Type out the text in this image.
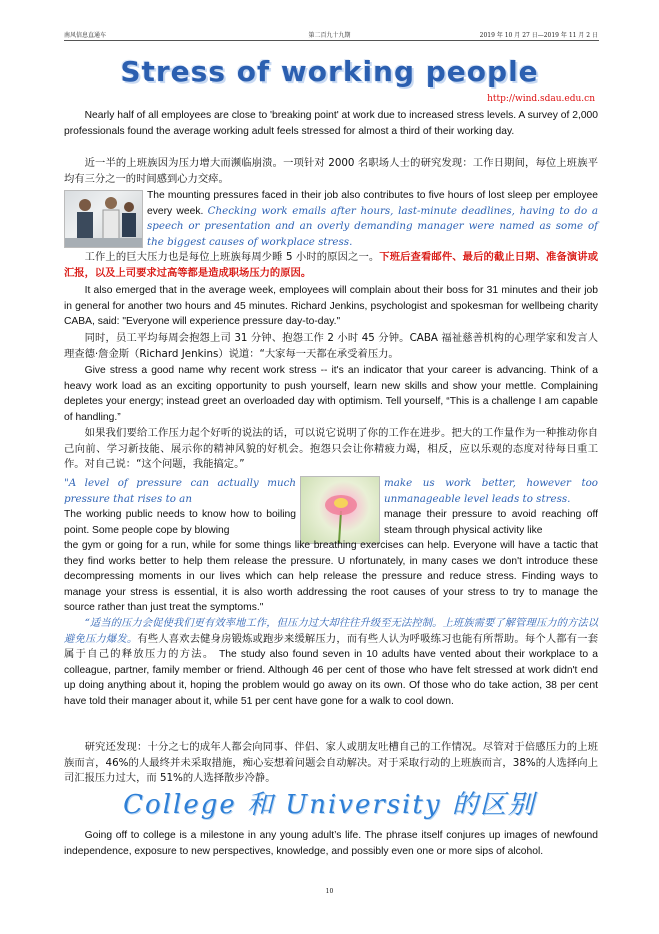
南风信息直通车	第二百九十九期	2019 年 10 月 27 日—2019 年 11 月 2 日
Stress of working people
http://wind.sdau.edu.cn
Nearly half of all employees are close to 'breaking point' at work due to increased stress levels. A survey of 2,000 professionals found the average working adult feels stressed for almost a third of their working day.
近一半的上班族因为压力增大而濒临崩溃。一项针对 2000 名职场人士的研究发现：工作日期间，每位上班族平均有三分之一的时间感到心力交瘁。
The mounting pressures faced in their job also contributes to five hours of lost sleep per employee every week. Checking work emails after hours, last-minute deadlines, having to do a speech or presentation and an overly demanding manager were named as some of the biggest causes of workplace stress.
工作上的巨大压力也是每位上班族每周少睡 5 小时的原因之一。下班后查看邮件、最后的截止日期、准备演讲或汇报，以及上司要求过高等都是造成职场压力的原因。
It also emerged that in the average week, employees will complain about their boss for 31 minutes and their job in general for another two hours and 45 minutes. Richard Jenkins, psychologist and spokesman for wellbeing charity CABA, said: "Everyone will experience pressure day-to-day."
同时，员工平均每周会抱怨上司 31 分钟、抱怨工作 2 小时 45 分钟。CABA 福祉慈善机构的心理学家和发言人理查德·詹金斯（Richard Jenkins）说道：“大家每一天都在承受着压力。
Give stress a good name why recent work stress -- it's an indicator that your career is advancing. Think of a heavy work load as an exciting opportunity to push yourself, learn new skills and show your mettle. Complaining depletes your energy; instead greet an overloaded day with optimism. Tell yourself, “This is a challenge I am capable of handling.”
如果我们要给工作压力起个好听的说法的话，可以说它说明了你的工作在进步。把大的工作量作为一种推动你自己向前、学习新技能、展示你的精神风貌的好机会。抱怨只会让你精疲力竭，相反，应以乐观的态度对待每日重工作。对自己说：“这个问题，我能搞定。”
"A level of pressure can actually much pressure that rises to an
make us work better, however too unmanageable level leads to stress.
The working public needs to know how to boiling point. Some people cope by blowing
manage their pressure to avoid reaching off steam through physical activity like
the gym or going for a run, while for some things like breathing exercises can help. Everyone will have a tactic that they find works better to help them release the pressure. U nfortunately, in many cases we don't introduce these decompressing moments in our lives which can help release the pressure and reduce stress. Finding ways to manage your stress is essential, it is also worth addressing the root causes of your stress to try to manage the source rather than just treat the symptoms."
“适当的压力会促使我们更有效率地工作，但压力过大却往往升级至无法控制。上班族需要了解管理压力的方法以避免压力爆发。有些人喜欢去健身房锻炼或跑步来缓解压力，而有些人认为呼吸练习也能有所帮助。每个人都有一套属于自己的释放压力的方法。 The study also found seven in 10 adults have vented about their workplace to a colleague, partner, family member or friend. Although 46 per cent of those who have felt stressed at work didn't end up doing anything about it, hoping the problem would go away on its own. Of those who do take action, 38 per cent have told their manager about it, while 51 per cent have gone for a walk to cool down.
研究还发现：十分之七的成年人都会向同事、伴侣、家人或朋友吐槽自己的工作情况。尽管对于倍感压力的上班族而言，46%的人最终并未采取措施，痴心妄想着问题会自动解决。对于采取行动的上班族而言，38%的人选择向上司汇报压力过大，而 51%的人选择散步冷静。
College 和 University 的区别
Going off to college is a milestone in any young adult’s life. The phrase itself conjures up images of newfound independence, exposure to new perspectives, knowledge, and possibly even one or more sips of alcohol.
10
